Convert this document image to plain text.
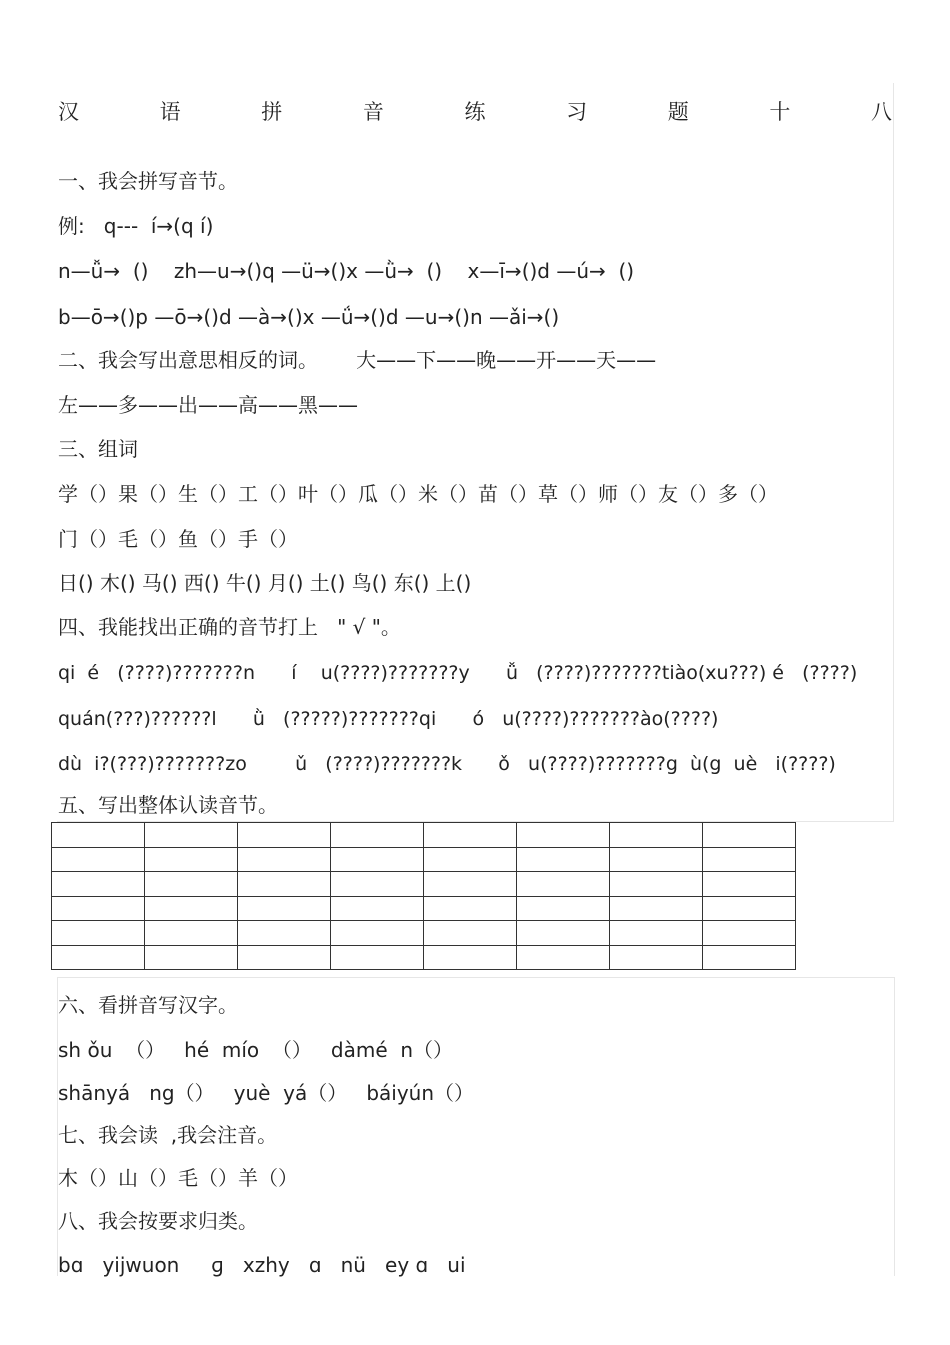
汉	语	拼	音	练	习	题	十	八
一、我会拼写音节。
例:   q---  í→(q í)
n—ǚ→  ()    zh—u→()q —ü→()x —ǜ→  ()    x—ī→()d —ú→  ()
b—ō→()p —ō→()d —à→()x —ǘ→()d —u→()n —ǎi→()
二、我会写出意思相反的词。      大——下——晚——开——天——
左——多——出——高——黑——
三、组词
学（）果（）生（）工（）叶（）瓜（）米（）苗（）草（）师（）友（）多（）
门（）毛（）鱼（）手（）
日() 木() 马() 西() 牛() 月() 土() 鸟() 东() 上()
四、我能找出正确的音节打上   " √ "。
qi  é   (????)???????n      í    u(????)???????y      ǚ   (????)???????tiào(xu???) é   (????)
quán(???)??????l      ǜ   (?????)???????qi      ó   u(????)???????ào(????)
dù  i?(???)???????zo        ǔ   (????)???????k      ǒ   u(????)???????g  ù(g  uè   i(????)
五、写出整体认读音节。

六、看拼音写汉字。
sh ǒu  （）   hé  mío  （）   dàmé  n（）
shānyá   ng（）   yuè  yá（）   báiyún（）
七、我会读  ,我会注音。
木（）山（）毛（）羊（）
八、我会按要求归类。
bɑ   yijwuon     ɡ   xzhy   ɑ   nü   ey ɑ   ui
